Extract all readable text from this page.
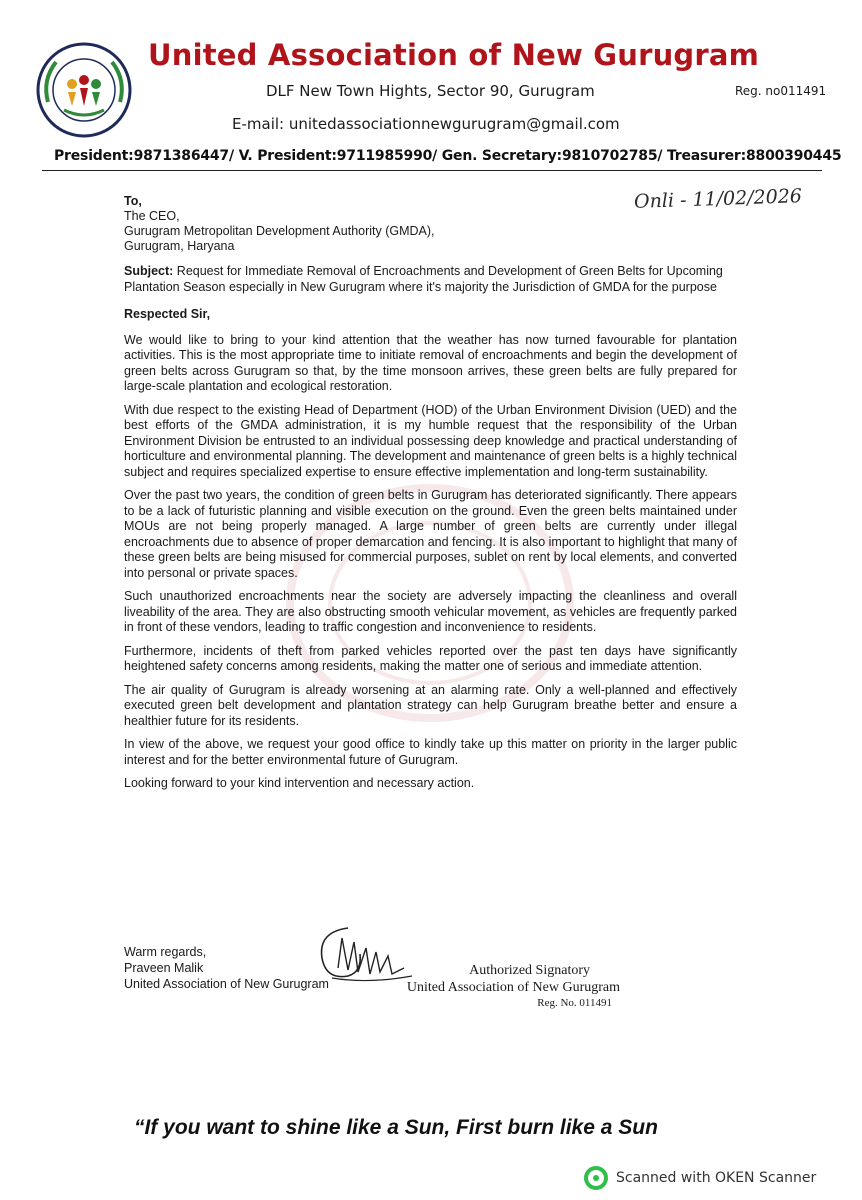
United Association of New Gurugram
DLF New Town Hights, Sector 90, Gurugram	Reg. no011491
E-mail: unitedassociationnewgurugram@gmail.com
President:9871386447/ V. President:9711985990/ Gen. Secretary:9810702785/ Treasurer:8800390445
Onli - 11/02/2026
To,
The CEO,
Gurugram Metropolitan Development Authority (GMDA),
Gurugram, Haryana

Subject: Request for Immediate Removal of Encroachments and Development of Green Belts for Upcoming Plantation Season especially in New Gurugram where it's majority the Jurisdiction of GMDA for the purpose

Respected Sir,

We would like to bring to your kind attention that the weather has now turned favourable for plantation activities. This is the most appropriate time to initiate removal of encroachments and begin the development of green belts across Gurugram so that, by the time monsoon arrives, these green belts are fully prepared for large-scale plantation and ecological restoration.

With due respect to the existing Head of Department (HOD) of the Urban Environment Division (UED) and the best efforts of the GMDA administration, it is my humble request that the responsibility of the Urban Environment Division be entrusted to an individual possessing deep knowledge and practical understanding of horticulture and environmental planning. The development and maintenance of green belts is a highly technical subject and requires specialized expertise to ensure effective implementation and long-term sustainability.

Over the past two years, the condition of green belts in Gurugram has deteriorated significantly. There appears to be a lack of futuristic planning and visible execution on the ground. Even the green belts maintained under MOUs are not being properly managed. A large number of green belts are currently under illegal encroachments due to absence of proper demarcation and fencing. It is also important to highlight that many of these green belts are being misused for commercial purposes, sublet on rent by local elements, and converted into personal or private spaces.

Such unauthorized encroachments near the society are adversely impacting the cleanliness and overall liveability of the area. They are also obstructing smooth vehicular movement, as vehicles are frequently parked in front of these vendors, leading to traffic congestion and inconvenience to residents.

Furthermore, incidents of theft from parked vehicles reported over the past ten days have significantly heightened safety concerns among residents, making the matter one of serious and immediate attention.

The air quality of Gurugram is already worsening at an alarming rate. Only a well-planned and effectively executed green belt development and plantation strategy can help Gurugram breathe better and ensure a healthier future for its residents.

In view of the above, we request your good office to kindly take up this matter on priority in the larger public interest and for the better environmental future of Gurugram.

Looking forward to your kind intervention and necessary action.

Warm regards,
Praveen Malik
United Association of New Gurugram
Authorized Signatory
United Association of New Gurugram
Reg. No. 011491
“If you want to shine like a Sun, First burn like a Sun
Scanned with OKEN Scanner
